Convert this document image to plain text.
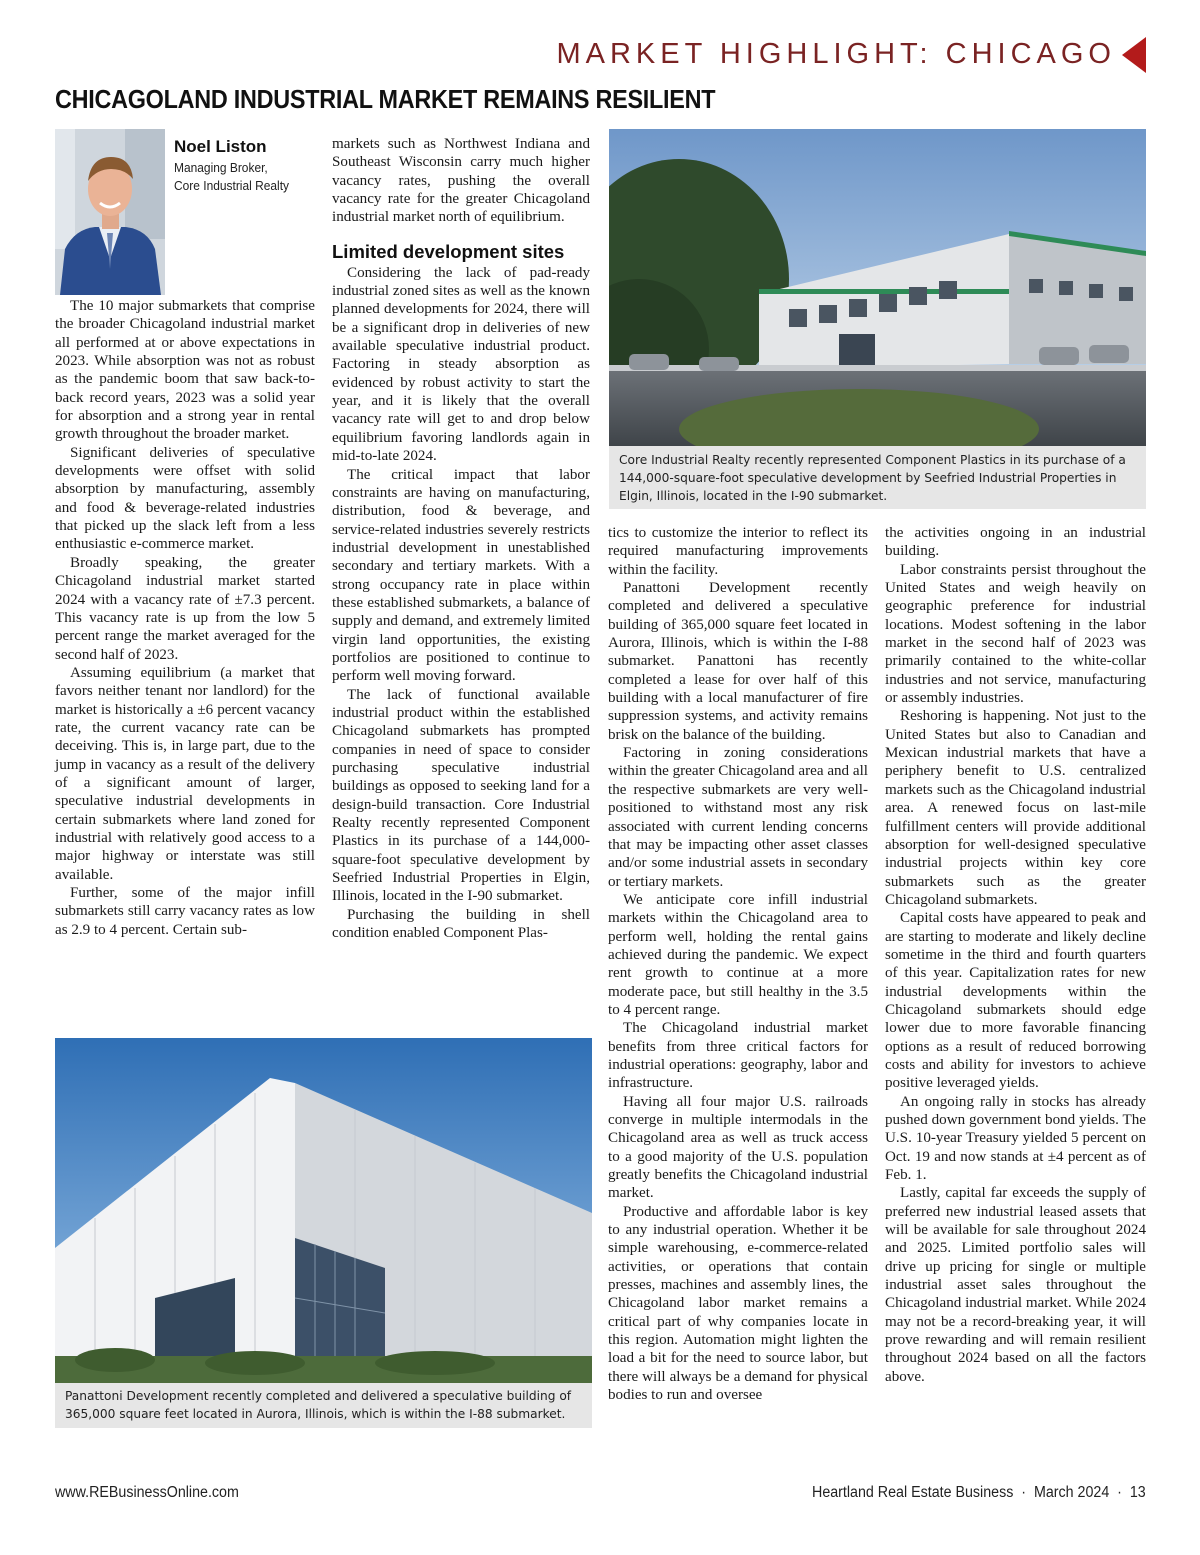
MARKET HIGHLIGHT: CHICAGO
CHICAGOLAND INDUSTRIAL MARKET REMAINS RESILIENT
Noel Liston
Managing Broker,
Core Industrial Realty

The 10 major submarkets that comprise the broader Chicagoland industrial market all performed at or above expectations in 2023. While absorption was not as robust as the pandemic boom that saw back-to-back record years, 2023 was a solid year for absorption and a strong year in rental growth throughout the broader market.

Significant deliveries of speculative developments were offset with solid absorption by manufacturing, assembly and food & beverage-related industries that picked up the slack left from a less enthusiastic e-commerce market.

Broadly speaking, the greater Chicagoland industrial market started 2024 with a vacancy rate of ±7.3 percent. This vacancy rate is up from the low 5 percent range the market averaged for the second half of 2023.

Assuming equilibrium (a market that favors neither tenant nor landlord) for the market is historically a ±6 percent vacancy rate, the current vacancy rate can be deceiving. This is, in large part, due to the jump in vacancy as a result of the delivery of a significant amount of larger, speculative industrial developments in certain submarkets where land zoned for industrial with relatively good access to a major highway or interstate was still available.

Further, some of the major infill submarkets still carry vacancy rates as low as 2.9 to 4 percent. Certain sub-

markets such as Northwest Indiana and Southeast Wisconsin carry much higher vacancy rates, pushing the overall vacancy rate for the greater Chicagoland industrial market north of equilibrium.

Limited development sites

Considering the lack of pad-ready industrial zoned sites as well as the known planned developments for 2024, there will be a significant drop in deliveries of new available speculative industrial product. Factoring in steady absorption as evidenced by robust activity to start the year, and it is likely that the overall vacancy rate will get to and drop below equilibrium favoring landlords again in mid-to-late 2024.

The critical impact that labor constraints are having on manufacturing, distribution, food & beverage, and service-related industries severely restricts industrial development in unestablished secondary and tertiary markets. With a strong occupancy rate in place within these established submarkets, a balance of supply and demand, and extremely limited virgin land opportunities, the existing portfolios are positioned to continue to perform well moving forward.

The lack of functional available industrial product within the established Chicagoland submarkets has prompted companies in need of space to consider purchasing speculative industrial buildings as opposed to seeking land for a design-build transaction. Core Industrial Realty recently represented Component Plastics in its purchase of a 144,000-square-foot speculative development by Seefried Industrial Properties in Elgin, Illinois, located in the I-90 submarket.

Purchasing the building in shell condition enabled Component Plas-

Core Industrial Realty recently represented Component Plastics in its purchase of a 144,000-square-foot speculative development by Seefried Industrial Properties in Elgin, Illinois, located in the I-90 submarket.

tics to customize the interior to reflect its required manufacturing improvements within the facility.

Panattoni Development recently completed and delivered a speculative building of 365,000 square feet located in Aurora, Illinois, which is within the I-88 submarket. Panattoni has recently completed a lease for over half of this building with a local manufacturer of fire suppression systems, and activity remains brisk on the balance of the building.

Factoring in zoning considerations within the greater Chicagoland area and all the respective submarkets are very well-positioned to withstand most any risk associated with current lending concerns that may be impacting other asset classes and/or some industrial assets in secondary or tertiary markets.

We anticipate core infill industrial markets within the Chicagoland area to perform well, holding the rental gains achieved during the pandemic. We expect rent growth to continue at a more moderate pace, but still healthy in the 3.5 to 4 percent range.

The Chicagoland industrial market benefits from three critical factors for industrial operations: geography, labor and infrastructure.

Having all four major U.S. railroads converge in multiple intermodals in the Chicagoland area as well as truck access to a good majority of the U.S. population greatly benefits the Chicagoland industrial market.

Productive and affordable labor is key to any industrial operation. Whether it be simple warehousing, e-commerce-related activities, or operations that contain presses, machines and assembly lines, the Chicagoland labor market remains a critical part of why companies locate in this region. Automation might lighten the load a bit for the need to source labor, but there will always be a demand for physical bodies to run and oversee

the activities ongoing in an industrial building.

Labor constraints persist throughout the United States and weigh heavily on geographic preference for industrial locations. Modest softening in the labor market in the second half of 2023 was primarily contained to the white-collar industries and not service, manufacturing or assembly industries.

Reshoring is happening. Not just to the United States but also to Canadian and Mexican industrial markets that have a periphery benefit to U.S. centralized markets such as the Chicagoland industrial area. A renewed focus on last-mile fulfillment centers will provide additional absorption for well-designed speculative industrial projects within key core submarkets such as the greater Chicagoland submarkets.

Capital costs have appeared to peak and are starting to moderate and likely decline sometime in the third and fourth quarters of this year. Capitalization rates for new industrial developments within the Chicagoland submarkets should edge lower due to more favorable financing options as a result of reduced borrowing costs and ability for investors to achieve positive leveraged yields.

An ongoing rally in stocks has already pushed down government bond yields. The U.S. 10-year Treasury yielded 5 percent on Oct. 19 and now stands at ±4 percent as of Feb. 1.

Lastly, capital far exceeds the supply of preferred new industrial leased assets that will be available for sale throughout 2024 and 2025. Limited portfolio sales will drive up pricing for single or multiple industrial asset sales throughout the Chicagoland industrial market. While 2024 may not be a record-breaking year, it will prove rewarding and will remain resilient throughout 2024 based on all the factors above.

Panattoni Development recently completed and delivered a speculative building of 365,000 square feet located in Aurora, Illinois, which is within the I-88 submarket.
www.REBusinessOnline.com	Heartland Real Estate Business  ·  March 2024  ·  13
